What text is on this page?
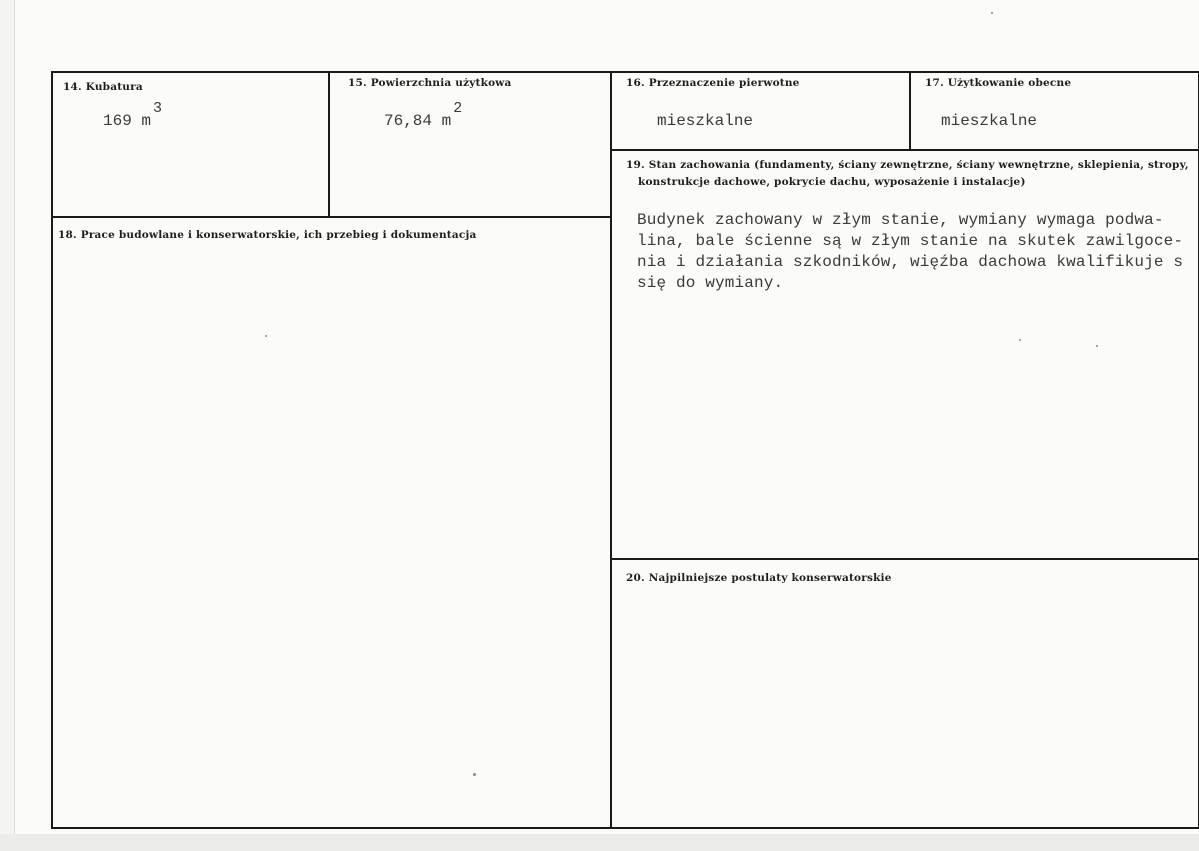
14. Kubatura
169 m3
15. Powierzchnia użytkowa
76,84 m2
16. Przeznaczenie pierwotne
mieszkalne
17. Użytkowanie obecne
mieszkalne
18. Prace budowlane i konserwatorskie, ich przebieg i dokumentacja
19. Stan zachowania (fundamenty, ściany zewnętrzne, ściany wewnętrzne, sklepienia, stropy,
konstrukcje dachowe, pokrycie dachu, wyposażenie i instalacje)
Budynek zachowany w złym stanie, wymiany wymaga podwa-
lina, bale ścienne są w złym stanie na skutek zawilgoce-
nia i działania szkodników, więźba dachowa kwalifikuje s
się do wymiany.
20. Najpilniejsze postulaty konserwatorskie
